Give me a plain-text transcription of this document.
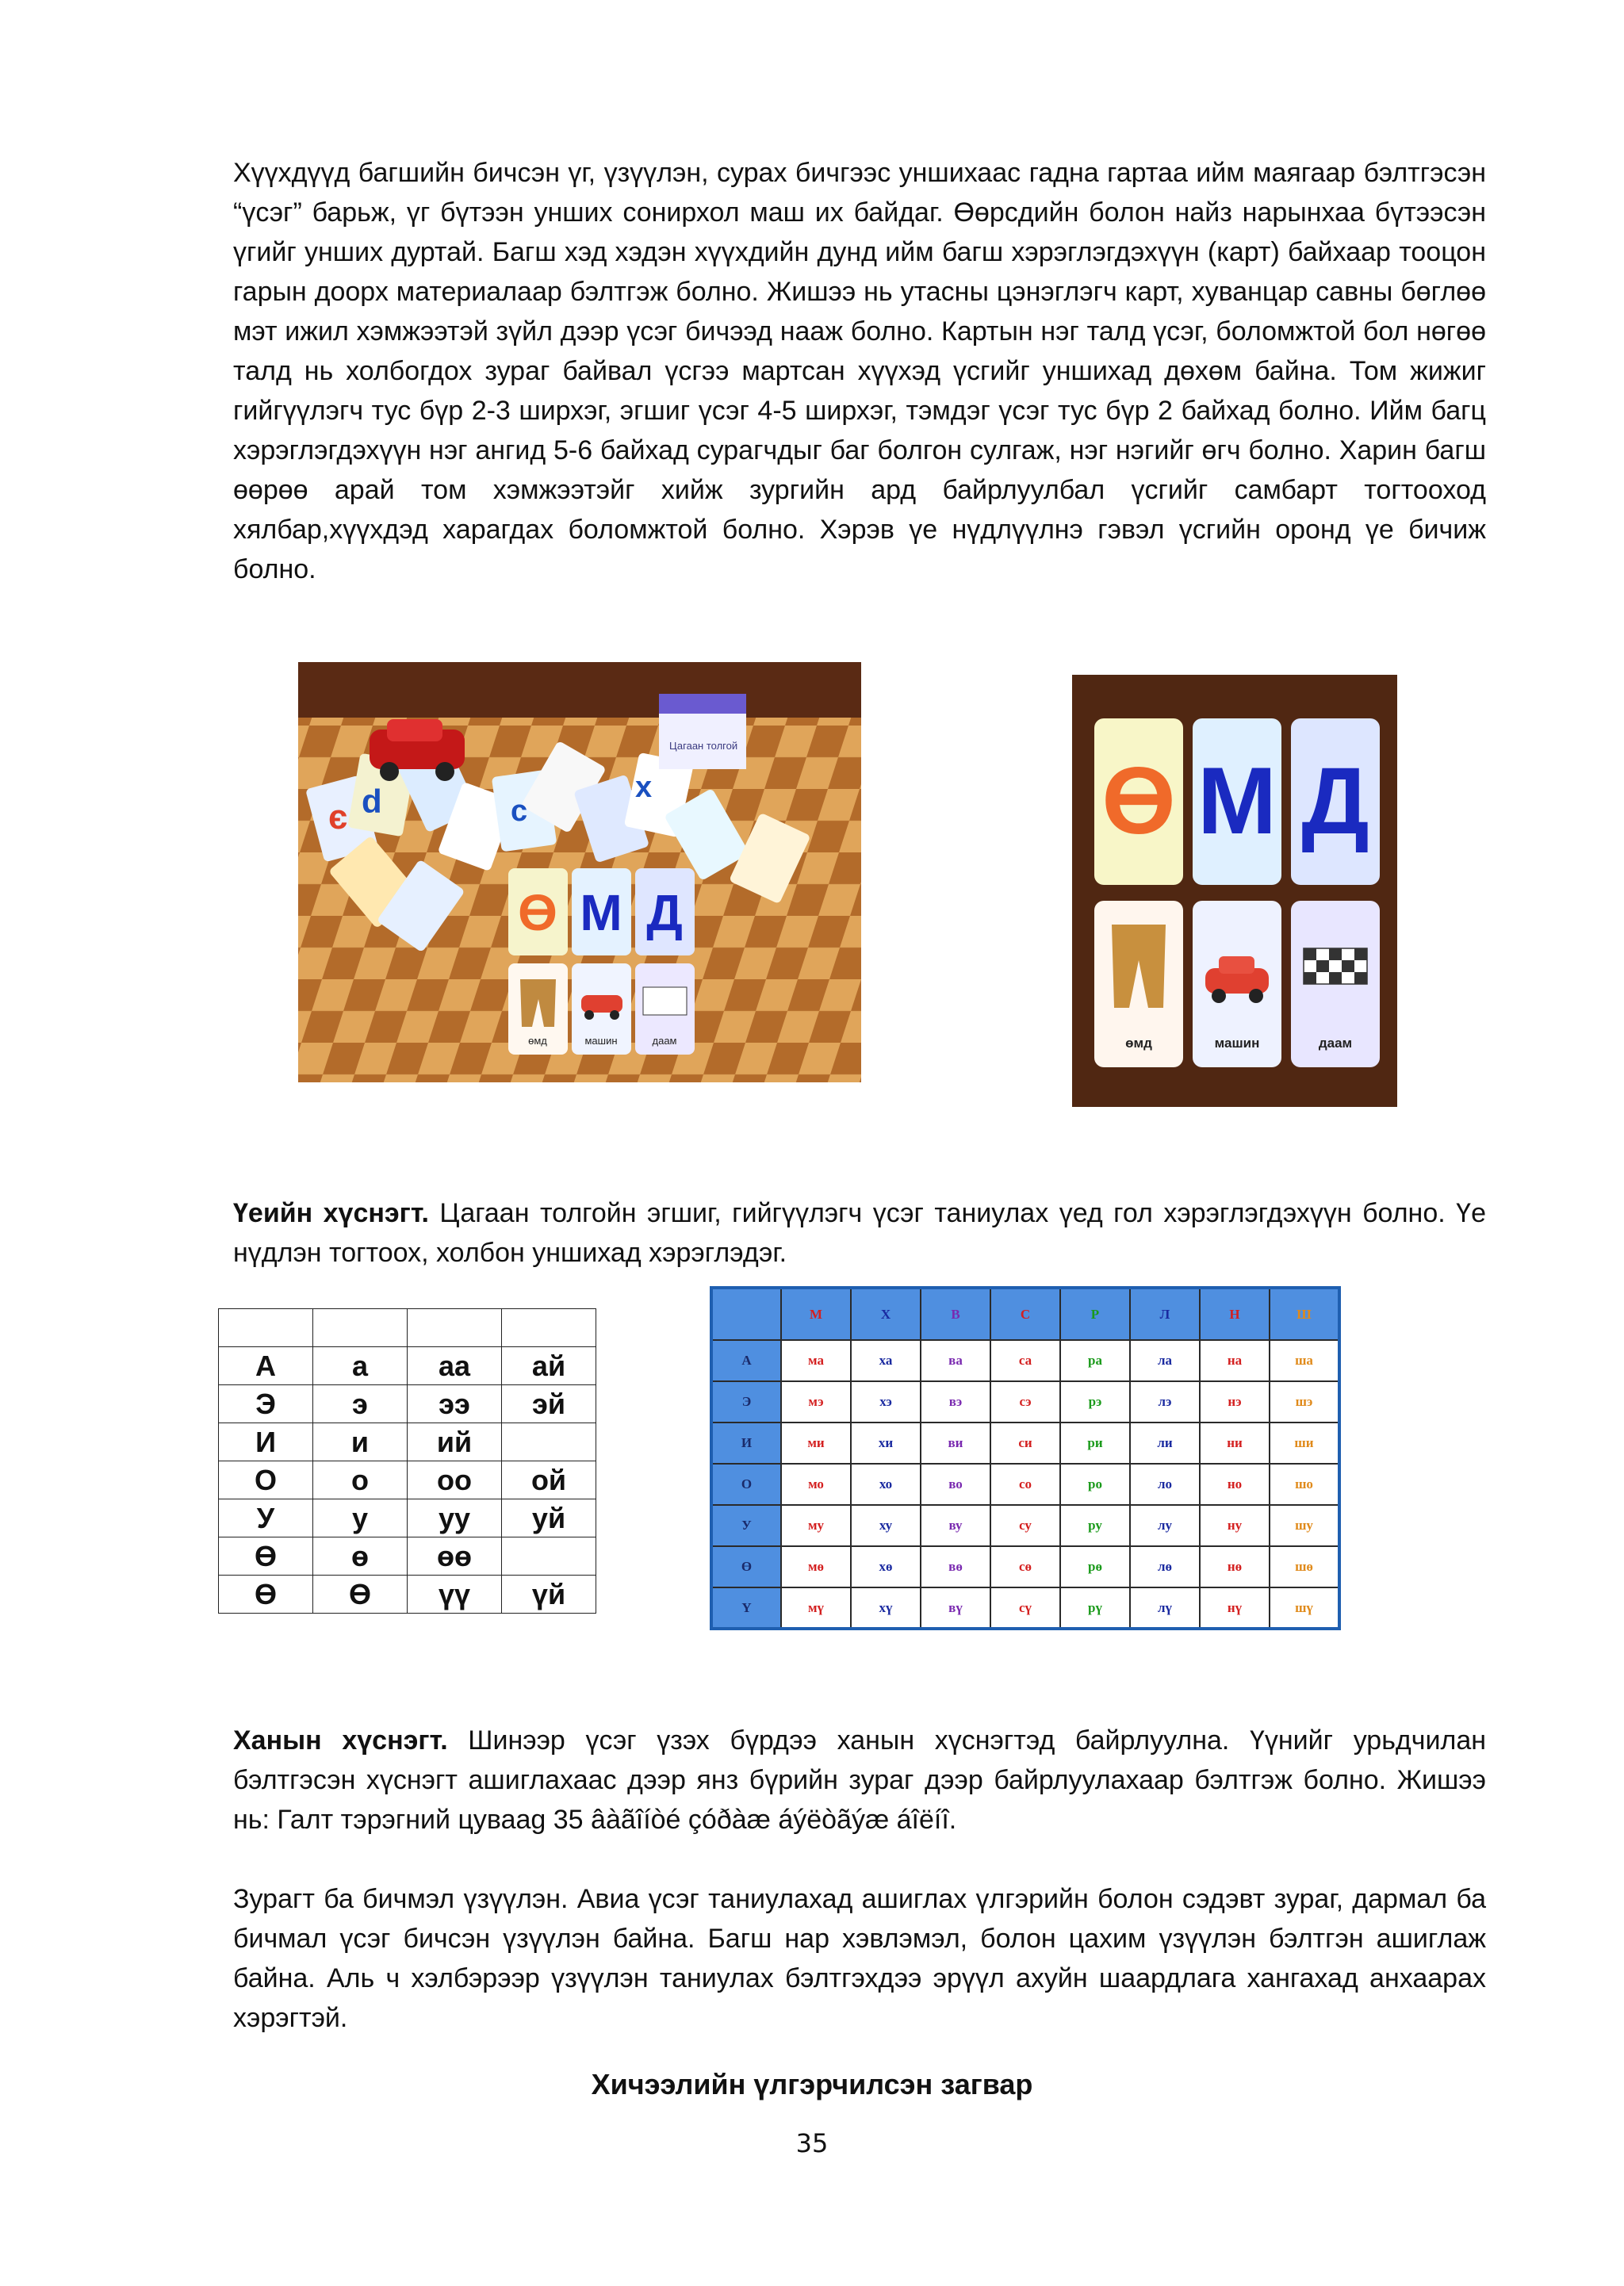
Хүүхдүүд багшийн бичсэн үг, үзүүлэн, сурах бичгээс уншихаас гадна гартаа ийм маягаар бэлтгэсэн “үсэг” барьж, үг бүтээн унших сонирхол маш их байдаг. Өөрсдийн болон найз нарынхаа бүтээсэн үгийг унших дуртай. Багш хэд хэдэн хүүхдийн дунд ийм багш хэрэглэгдэхүүн (карт) байхаар тооцон гарын доорх материалаар бэлтгэж болно. Жишээ нь утасны цэнэглэгч карт, хуванцар савны бөглөө мэт ижил хэмжээтэй зүйл дээр үсэг бичээд нааж болно. Картын нэг талд үсэг, боломжтой бол нөгөө талд нь холбогдох зураг байвал үсгээ мартсан хүүхэд үсгийг уншихад дөхөм байна. Том жижиг гийгүүлэгч тус бүр 2-3 ширхэг, эгшиг үсэг 4-5 ширхэг, тэмдэг үсэг тус бүр 2 байхад болно. Ийм багц хэрэглэгдэхүүн нэг ангид 5-6 байхад сурагчдыг баг болгон сулгаж, нэг нэгийг өгч болно. Харин багш өөрөө арай том хэмжээтэйг хийж зургийн ард байрлуулбал үсгийг самбарт тогтооход хялбар,хүүхдэд харагдах боломжтой болно. Хэрэв үе нүдлүүлнэ гэвэл үсгийн оронд үе бичиж болно.

є d	c
х
Цагаан толгой
Ө М Д
өмд	машин	даам
Ө М Д
өмд	машин	даам

Үеийн хүснэгт. Цагаан толгойн эгшиг, гийгүүлэгч үсэг таниулах үед гол хэрэглэгдэхүүн болно. Үе нүдлэн тогтоох, холбон уншихад хэрэглэдэг.

А	а	аа	ай
Э	э	ээ	эй
И	и	ий	
О	о	оо	ой
У	у	уу	уй
Ө	ө	өө	
Ө	Ө	үү	үй
	М	Х	В	С	Р	Л	Н	Ш
А	ма	ха	ва	са	ра	ла	на	ша
Э	мэ	хэ	вэ	сэ	рэ	лэ	нэ	шэ
И	ми	хи	ви	си	ри	ли	ни	ши
О	мо	хо	во	со	ро	ло	но	шо
У	му	ху	ву	су	ру	лу	ну	шу
Ө	мө	хө	вө	сө	рө	лө	нө	шө
Ү	мү	хү	вү	сү	рү	лү	нү	шү

Ханын хүснэгт. Шинээр үсэг үзэх бүрдээ ханын хүснэгтэд байрлуулна. Үүнийг урьдчилан бэлтгэсэн хүснэгт ашиглахаас дээр янз бүрийн зураг дээр байрлуулахаар бэлтгэж болно. Жишээ нь: Галт тэрэгний цуваag 35 âàãîíòé çóðàæ áýëòãýæ áîëíî.

Зурагт ба бичмэл үзүүлэн. Авиа үсэг таниулахад ашиглах үлгэрийн болон сэдэвт зураг, дармал ба бичмал үсэг бичсэн үзүүлэн байна. Багш нар хэвлэмэл, болон цахим үзүүлэн бэлтгэн ашиглаж байна. Аль ч хэлбэрээр үзүүлэн таниулах бэлтгэхдээ эрүүл ахуйн шаардлага хангахад анхаарах хэрэгтэй.

Хичээлийн үлгэрчилсэн загвар

35
